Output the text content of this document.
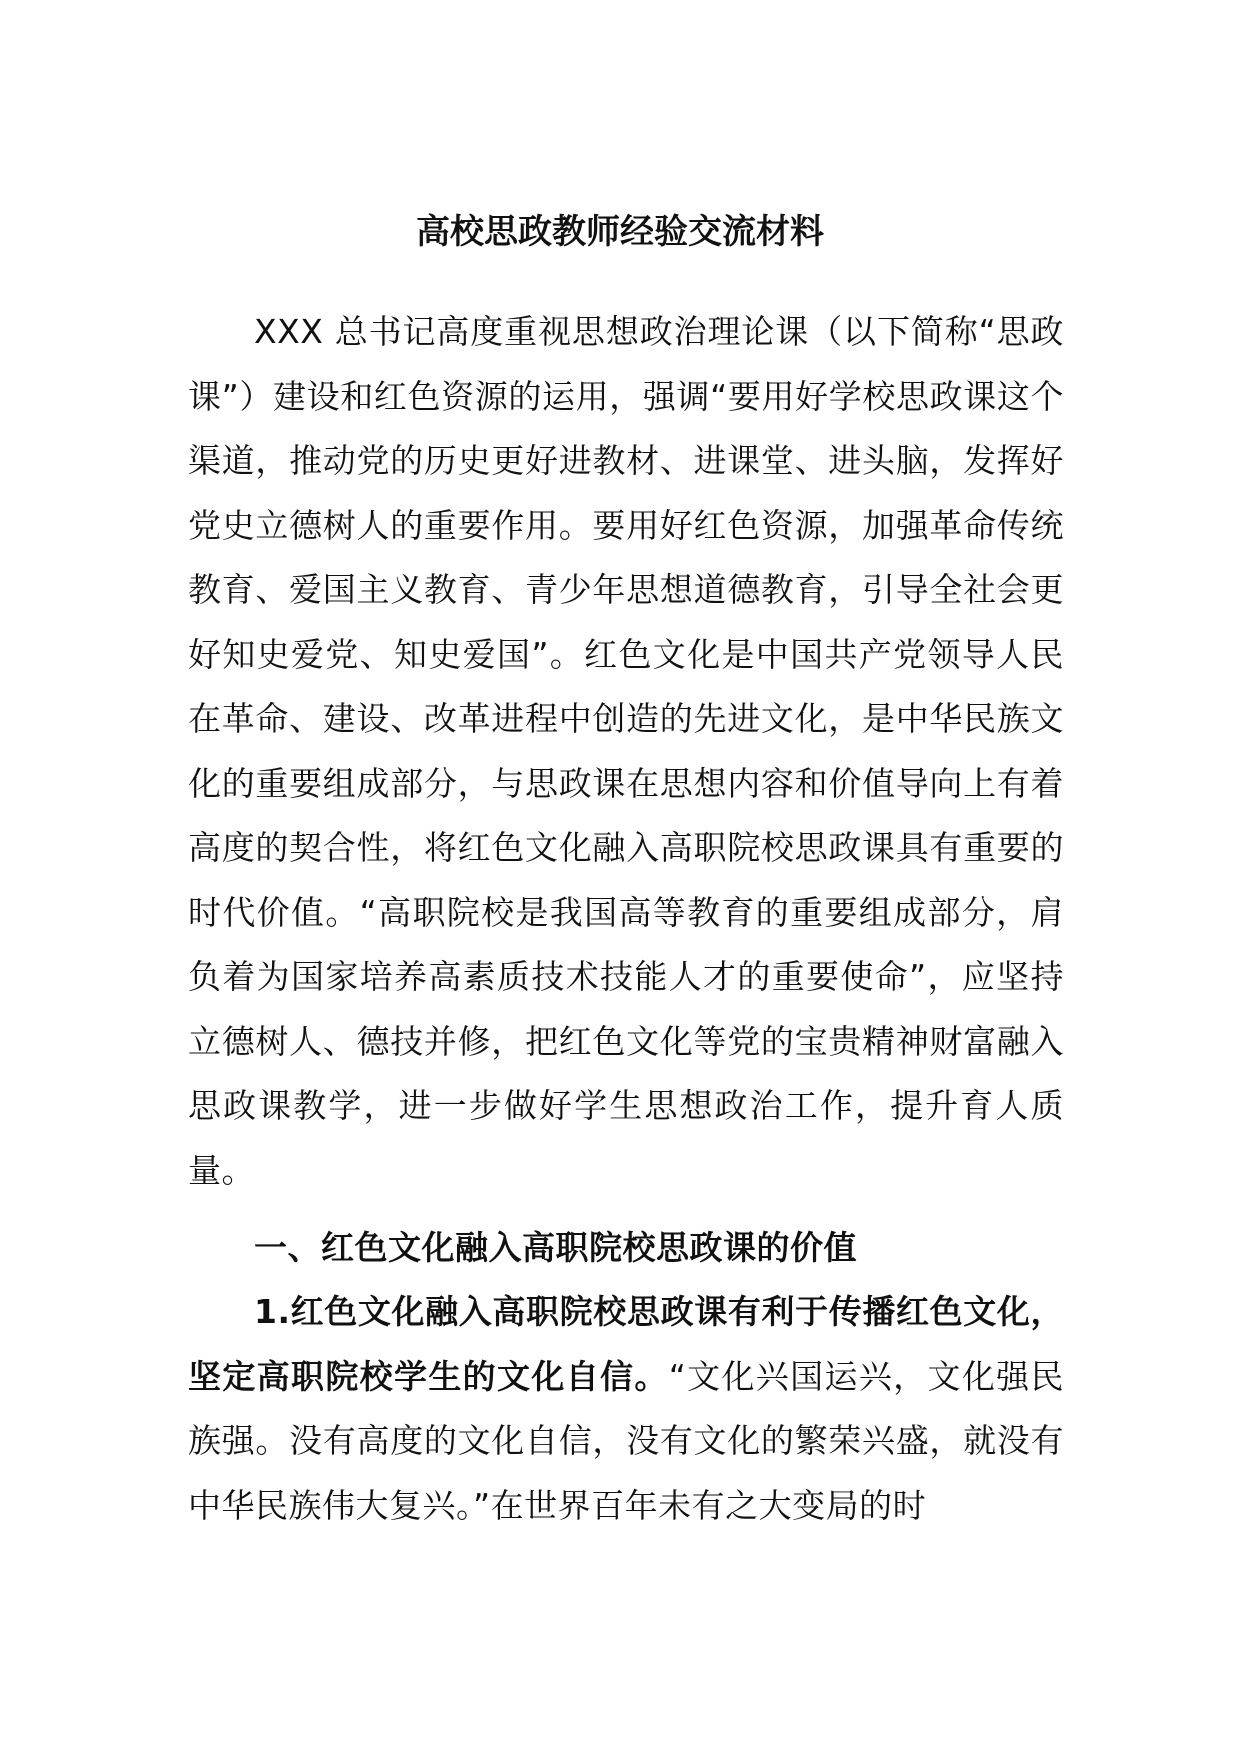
高校思政教师经验交流材料

XXX 总书记高度重视思想政治理论课（以下简称“思政课”）建设和红色资源的运用，强调“要用好学校思政课这个渠道，推动党的历史更好进教材、进课堂、进头脑，发挥好党史立德树人的重要作用。要用好红色资源，加强革命传统教育、爱国主义教育、青少年思想道德教育，引导全社会更好知史爱党、知史爱国”。红色文化是中国共产党领导人民在革命、建设、改革进程中创造的先进文化，是中华民族文化的重要组成部分，与思政课在思想内容和价值导向上有着高度的契合性，将红色文化融入高职院校思政课具有重要的时代价值。“高职院校是我国高等教育的重要组成部分，肩负着为国家培养高素质技术技能人才的重要使命”，应坚持立德树人、德技并修，把红色文化等党的宝贵精神财富融入思政课教学，进一步做好学生思想政治工作，提升育人质量。

一、红色文化融入高职院校思政课的价值

1.红色文化融入高职院校思政课有利于传播红色文化，坚定高职院校学生的文化自信。“文化兴国运兴，文化强民族强。没有高度的文化自信，没有文化的繁荣兴盛，就没有中华民族伟大复兴。”在世界百年未有之大变局的时
